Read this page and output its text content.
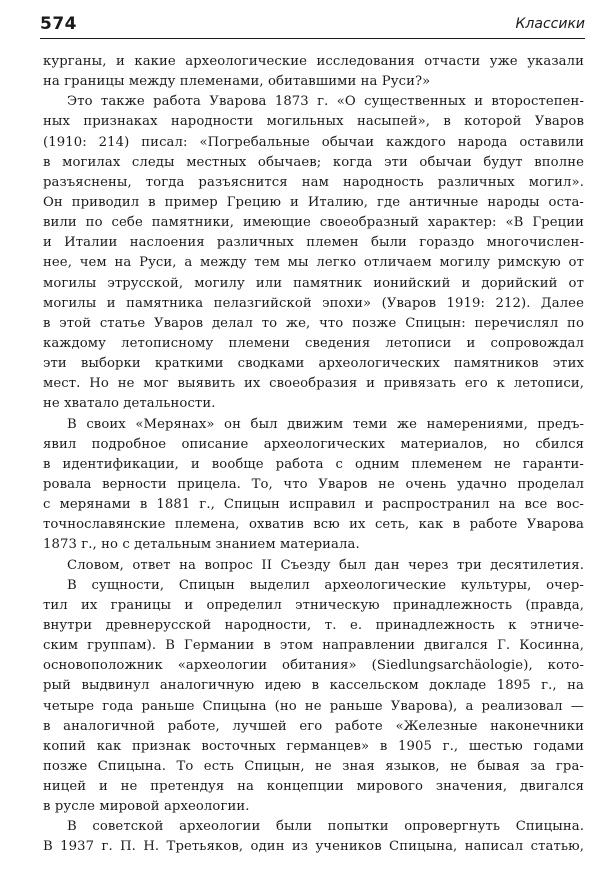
574	Классики
курганы, и какие археологические исследования отчасти уже указали
на границы между племенами, обитавшими на Руси?»
Это также работа Уварова 1873 г. «О существенных и второстепен-
ных признаках народности могильных насыпей», в которой Уваров
(1910: 214) писал: «Погребальные обычаи каждого народа оставили
в могилах следы местных обычаев; когда эти обычаи будут вполне
разъяснены, тогда разъяснится нам народность различных могил».
Он приводил в пример Грецию и Италию, где античные народы оста-
вили по себе памятники, имеющие своеобразный характер: «В Греции
и Италии наслоения различных племен были гораздо многочислен-
нее, чем на Руси, а между тем мы легко отличаем могилу римскую от
могилы этрусской, могилу или памятник ионийский и дорийский от
могилы и памятника пелазгийской эпохи» (Уваров 1919: 212). Далее
в этой статье Уваров делал то же, что позже Спицын: перечислял по
каждому летописному племени сведения летописи и сопровождал
эти выборки краткими сводками археологических памятников этих
мест. Но не мог выявить их своеобразия и привязать его к летописи,
не хватало детальности.
В своих «Мерянах» он был движим теми же намерениями, предъ-
явил подробное описание археологических материалов, но сбился
в идентификации, и вообще работа с одним племенем не гаранти-
ровала верности прицела. То, что Уваров не очень удачно проделал
с мерянами в 1881 г., Спицын исправил и распространил на все вос-
точнославянские племена, охватив всю их сеть, как в работе Уварова
1873 г., но с детальным знанием материала.
Словом, ответ на вопрос II Съезду был дан через три десятилетия.
В сущности, Спицын выделил археологические культуры, очер-
тил их границы и определил этническую принадлежность (правда,
внутри древнерусской народности, т. е. принадлежность к этниче-
ским группам). В Германии в этом направлении двигался Г. Косинна,
основоположник «археологии обитания» (Siedlungsarchäologie), кото-
рый выдвинул аналогичную идею в кассельском докладе 1895 г., на
четыре года раньше Спицына (но не раньше Уварова), а реализовал —
в аналогичной работе, лучшей его работе «Железные наконечники
копий как признак восточных германцев» в 1905 г., шестью годами
позже Спицына. То есть Спицын, не зная языков, не бывая за гра-
ницей и не претендуя на концепции мирового значения, двигался
в русле мировой археологии.
В советской археологии были попытки опровергнуть Спицына.
В 1937 г. П. Н. Третьяков, один из учеников Спицына, написал статью,
